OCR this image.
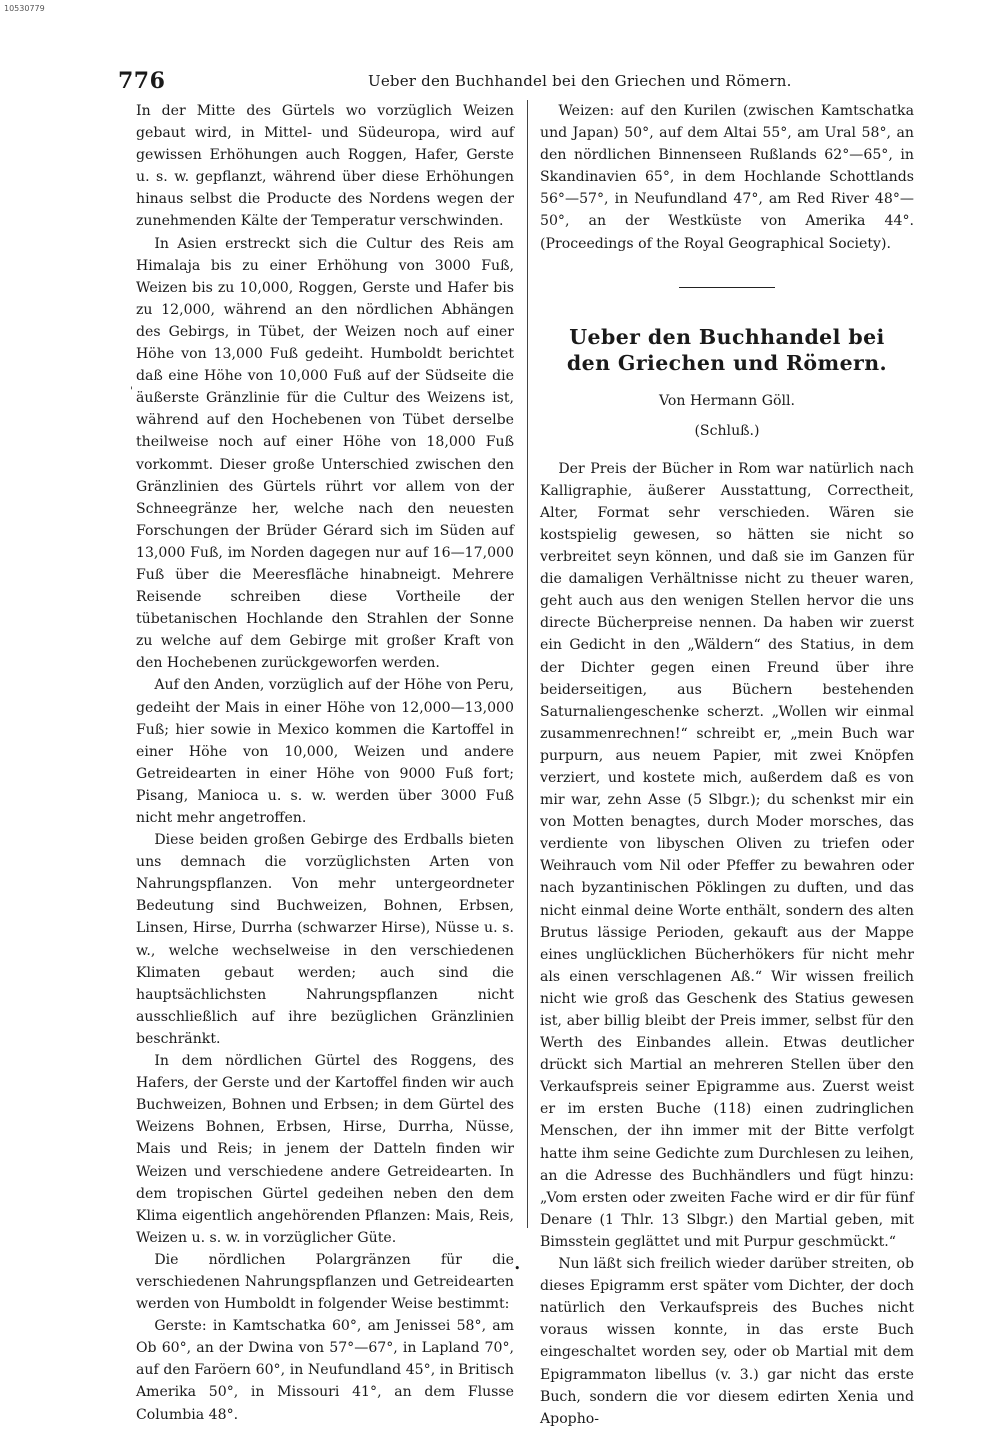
10530779
776	Ueber den Buchhandel bei den Griechen und Römern.
'

In der Mitte des Gürtels wo vorzüglich Weizen gebaut wird, in Mittel- und Südeuropa, wird auf gewissen Erhöhungen auch Roggen, Hafer, Gerste u. s. w. gepflanzt, während über diese Erhöhungen hinaus selbst die Producte des Nordens wegen der zunehmenden Kälte der Temperatur verschwinden.

In Asien erstreckt sich die Cultur des Reis am Himalaja bis zu einer Erhöhung von 3000 Fuß, Weizen bis zu 10,000, Roggen, Gerste und Hafer bis zu 12,000, während an den nördlichen Abhängen des Gebirgs, in Tübet, der Weizen noch auf einer Höhe von 13,000 Fuß gedeiht. Humboldt berichtet daß eine Höhe von 10,000 Fuß auf der Südseite die äußerste Gränzlinie für die Cultur des Weizens ist, während auf den Hochebenen von Tübet derselbe theilweise noch auf einer Höhe von 18,000 Fuß vorkommt. Dieser große Unterschied zwischen den Gränzlinien des Gürtels rührt vor allem von der Schneegränze her, welche nach den neuesten Forschungen der Brüder Gérard sich im Süden auf 13,000 Fuß, im Norden dagegen nur auf 16—17,000 Fuß über die Meeresfläche hinabneigt. Mehrere Reisende schreiben diese Vortheile der tübetanischen Hochlande den Strahlen der Sonne zu welche auf dem Gebirge mit großer Kraft von den Hochebenen zurückgeworfen werden.

Auf den Anden, vorzüglich auf der Höhe von Peru, gedeiht der Mais in einer Höhe von 12,000—13,000 Fuß; hier sowie in Mexico kommen die Kartoffel in einer Höhe von 10,000, Weizen und andere Getreidearten in einer Höhe von 9000 Fuß fort; Pisang, Manioca u. s. w. werden über 3000 Fuß nicht mehr angetroffen.

Diese beiden großen Gebirge des Erdballs bieten uns demnach die vorzüglichsten Arten von Nahrungspflanzen. Von mehr untergeordneter Bedeutung sind Buchweizen, Bohnen, Erbsen, Linsen, Hirse, Durrha (schwarzer Hirse), Nüsse u. s. w., welche wechselweise in den verschiedenen Klimaten gebaut werden; auch sind die hauptsächlichsten Nahrungspflanzen nicht ausschließlich auf ihre bezüglichen Gränzlinien beschränkt.

In dem nördlichen Gürtel des Roggens, des Hafers, der Gerste und der Kartoffel finden wir auch Buchweizen, Bohnen und Erbsen; in dem Gürtel des Weizens Bohnen, Erbsen, Hirse, Durrha, Nüsse, Mais und Reis; in jenem der Datteln finden wir Weizen und verschiedene andere Getreidearten. In dem tropischen Gürtel gedeihen neben den dem Klima eigentlich angehörenden Pflanzen: Mais, Reis, Weizen u. s. w. in vorzüglicher Güte.

Die nördlichen Polargränzen für die verschiedenen Nahrungspflanzen und Getreidearten werden von Humboldt in folgender Weise bestimmt:

Gerste: in Kamtschatka 60°, am Jenissei 58°, am Ob 60°, an der Dwina von 57°—67°, in Lapland 70°, auf den Faröern 60°, in Neufundland 45°, in Britisch Amerika 50°, in Missouri 41°, an dem Flusse Columbia 48°.

Weizen: auf den Kurilen (zwischen Kamtschatka und Japan) 50°, auf dem Altai 55°, am Ural 58°, an den nördlichen Binnenseen Rußlands 62°—65°, in Skandinavien 65°, in dem Hochlande Schottlands 56°—57°, in Neufundland 47°, am Red River 48°—50°, an der Westküste von Amerika 44°. (Proceedings of the Royal Geographical Society).

Ueber den Buchhandel bei den Griechen und Römern.
Von Hermann Göll.
(Schluß.)

Der Preis der Bücher in Rom war natürlich nach Kalligraphie, äußerer Ausstattung, Correctheit, Alter, Format sehr verschieden. Wären sie kostspielig gewesen, so hätten sie nicht so verbreitet seyn können, und daß sie im Ganzen für die damaligen Verhältnisse nicht zu theuer waren, geht auch aus den wenigen Stellen hervor die uns directe Bücherpreise nennen. Da haben wir zuerst ein Gedicht in den „Wäldern“ des Statius, in dem der Dichter gegen einen Freund über ihre beiderseitigen, aus Büchern bestehenden Saturnaliengeschenke scherzt. „Wollen wir einmal zusammenrechnen!“ schreibt er, „mein Buch war purpurn, aus neuem Papier, mit zwei Knöpfen verziert, und kostete mich, außerdem daß es von mir war, zehn Asse (5 Slbgr.); du schenkst mir ein von Motten benagtes, durch Moder morsches, das verdiente von libyschen Oliven zu triefen oder Weihrauch vom Nil oder Pfeffer zu bewahren oder nach byzantinischen Pöklingen zu duften, und das nicht einmal deine Worte enthält, sondern des alten Brutus lässige Perioden, gekauft aus der Mappe eines unglücklichen Bücherhökers für nicht mehr als einen verschlagenen Aß.“ Wir wissen freilich nicht wie groß das Geschenk des Statius gewesen ist, aber billig bleibt der Preis immer, selbst für den Werth des Einbandes allein. Etwas deutlicher drückt sich Martial an mehreren Stellen über den Verkaufspreis seiner Epigramme aus. Zuerst weist er im ersten Buche (118) einen zudringlichen Menschen, der ihn immer mit der Bitte verfolgt hatte ihm seine Gedichte zum Durchlesen zu leihen, an die Adresse des Buchhändlers und fügt hinzu: „Vom ersten oder zweiten Fache wird er dir für fünf Denare (1 Thlr. 13 Slbgr.) den Martial geben, mit Bimsstein geglättet und mit Purpur geschmückt.“

Nun läßt sich freilich wieder darüber streiten, ob dieses Epigramm erst später vom Dichter, der doch natürlich den Verkaufspreis des Buches nicht voraus wissen konnte, in das erste Buch eingeschaltet worden sey, oder ob Martial mit dem Epigrammaton libellus (v. 3.) gar nicht das erste Buch, sondern die vor diesem edirten Xenia und Apopho-

•
